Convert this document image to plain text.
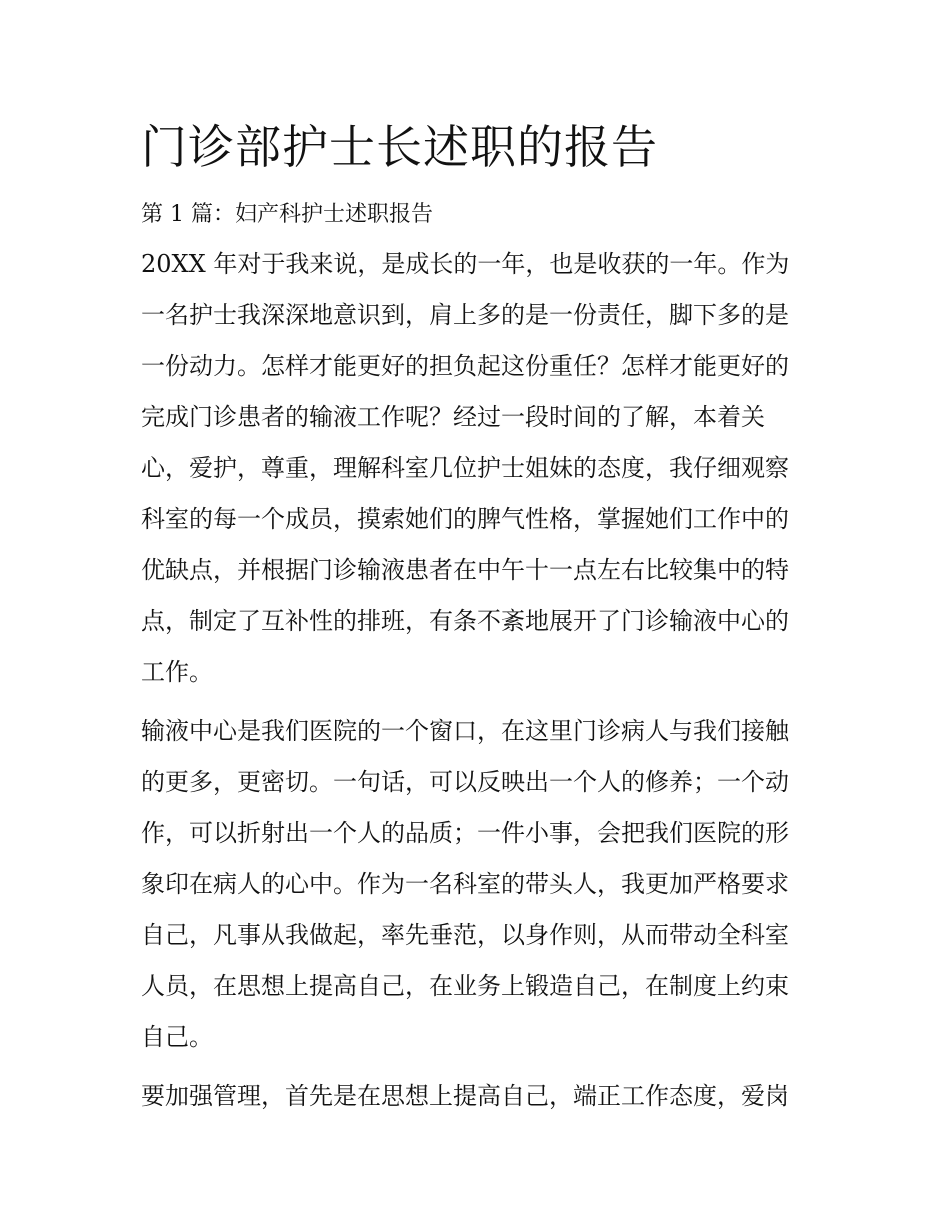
门诊部护士长述职的报告
第 1 篇：妇产科护士述职报告

20XX 年对于我来说，是成长的一年，也是收获的一年。作为
一名护士我深深地意识到，肩上多的是一份责任，脚下多的是
一份动力。怎样才能更好的担负起这份重任？怎样才能更好的
完成门诊患者的输液工作呢？经过一段时间的了解，本着关
心，爱护，尊重，理解科室几位护士姐妹的态度，我仔细观察
科室的每一个成员，摸索她们的脾气性格，掌握她们工作中的
优缺点，并根据门诊输液患者在中午十一点左右比较集中的特
点，制定了互补性的排班，有条不紊地展开了门诊输液中心的
工作。

输液中心是我们医院的一个窗口，在这里门诊病人与我们接触
的更多，更密切。一句话，可以反映出一个人的修养；一个动
作，可以折射出一个人的品质；一件小事，会把我们医院的形
象印在病人的心中。作为一名科室的带头人，我更加严格要求
自己，凡事从我做起，率先垂范，以身作则，从而带动全科室
人员，在思想上提高自己，在业务上锻造自己，在制度上约束
自己。

要加强管理，首先是在思想上提高自己，端正工作态度，爱岗
